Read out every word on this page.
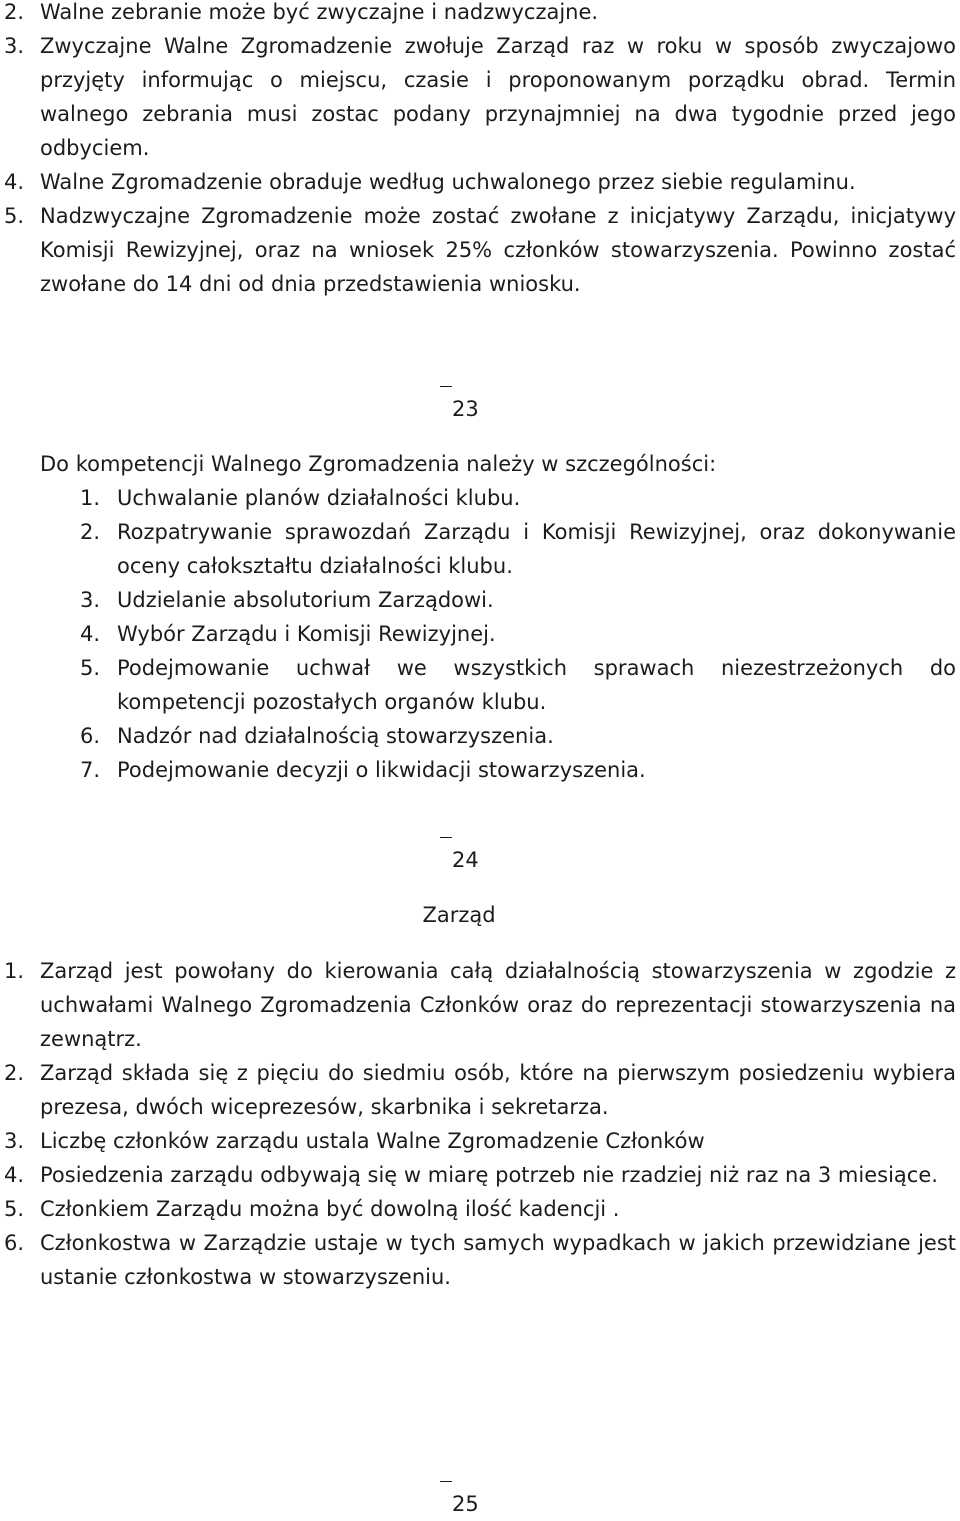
2. Walne zebranie może być zwyczajne i nadzwyczajne.

3. Zwyczajne Walne Zgromadzenie zwołuje Zarząd raz w roku w sposób zwyczajowo przyjęty informując o miejscu, czasie i proponowanym porządku obrad. Termin walnego zebrania musi zostac podany przynajmniej na dwa tygodnie przed jego odbyciem.

4. Walne Zgromadzenie obraduje według uchwalonego przez siebie regulaminu.

5. Nadzwyczajne Zgromadzenie może zostać zwołane z inicjatywy Zarządu, inicjatywy Komisji Rewizyjnej, oraz na wniosek 25% członków stowarzyszenia. Powinno zostać zwołane do 14 dni od dnia przedstawienia wniosku.

23

Do kompetencji Walnego Zgromadzenia należy w szczególności:

1. Uchwalanie planów działalności klubu.

2. Rozpatrywanie sprawozdań Zarządu i Komisji Rewizyjnej, oraz dokonywanie oceny całokształtu działalności klubu.

3. Udzielanie absolutorium Zarządowi.

4. Wybór Zarządu i Komisji Rewizyjnej.

5. Podejmowanie uchwał we wszystkich sprawach niezestrzeżonych do kompetencji pozostałych organów klubu.

6. Nadzór nad działalnością stowarzyszenia.

7. Podejmowanie decyzji o likwidacji stowarzyszenia.

24
Zarząd

1. Zarząd jest powołany do kierowania całą działalnością stowarzyszenia w zgodzie z uchwałami Walnego Zgromadzenia Członków oraz do reprezentacji stowarzyszenia na zewnątrz.

2. Zarząd składa się z pięciu do siedmiu osób, które na pierwszym posiedzeniu wybiera prezesa, dwóch wiceprezesów, skarbnika i sekretarza.

3. Liczbę członków zarządu ustala Walne Zgromadzenie Członków

4. Posiedzenia zarządu odbywają się w miarę potrzeb nie rzadziej niż raz na 3 miesiące.

5. Członkiem Zarządu można być dowolną ilość kadencji .

6. Członkostwa w Zarządzie ustaje w tych samych wypadkach w jakich przewidziane jest ustanie członkostwa w stowarzyszeniu.

25
